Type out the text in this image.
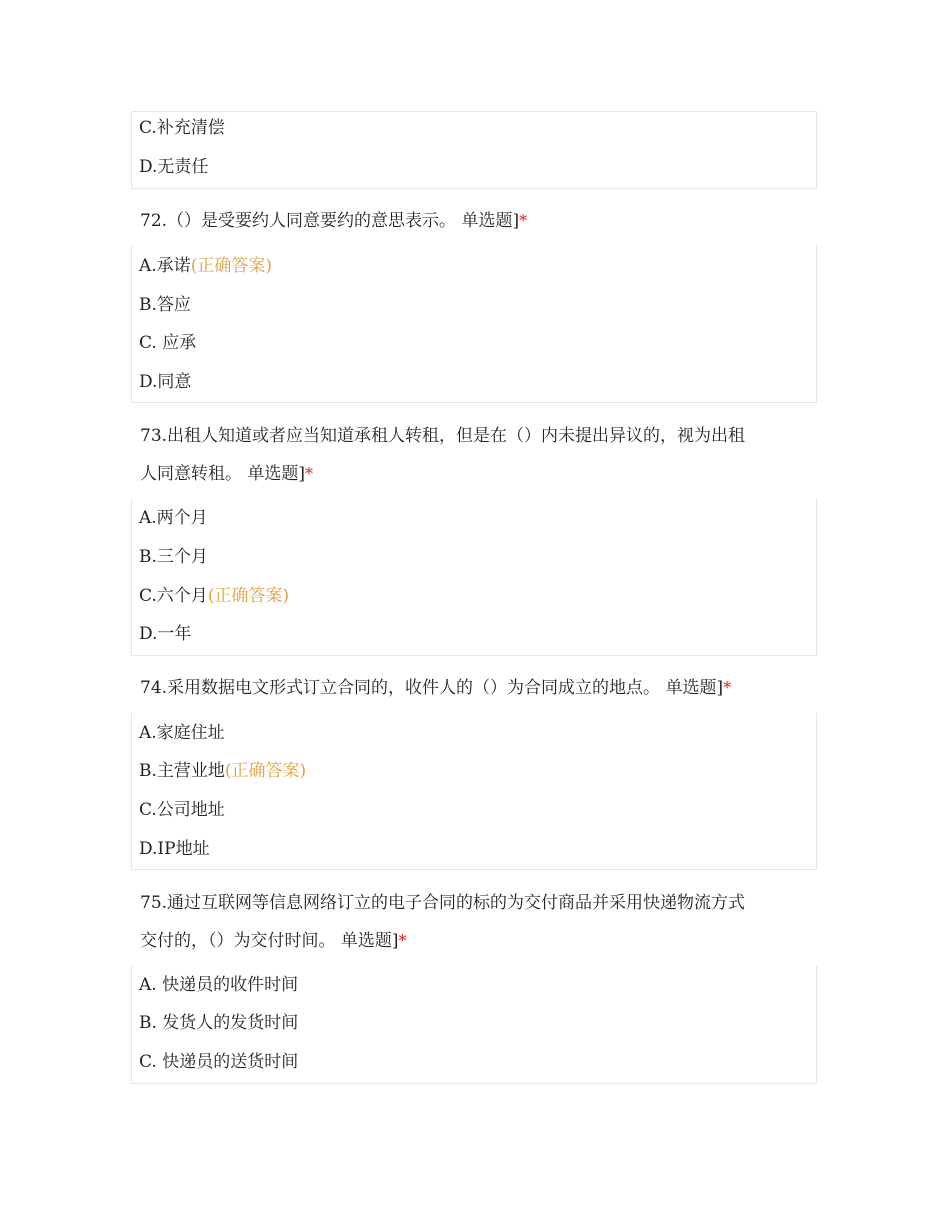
C.补充清偿
D.无责任
72.（）是受要约人同意要约的意思表示。 单选题]*
A.承诺(正确答案)
B.答应
C. 应承
D.同意
73.出租人知道或者应当知道承租人转租，但是在（）内未提出异议的，视为出租
人同意转租。 单选题]*
A.两个月
B.三个月
C.六个月(正确答案)
D.一年
74.采用数据电文形式订立合同的，收件人的（）为合同成立的地点。 单选题]*
A.家庭住址
B.主营业地(正确答案)
C.公司地址
D.IP地址
75.通过互联网等信息网络订立的电子合同的标的为交付商品并采用快递物流方式
交付的，（）为交付时间。 单选题]*
A. 快递员的收件时间
B. 发货人的发货时间
C. 快递员的送货时间
